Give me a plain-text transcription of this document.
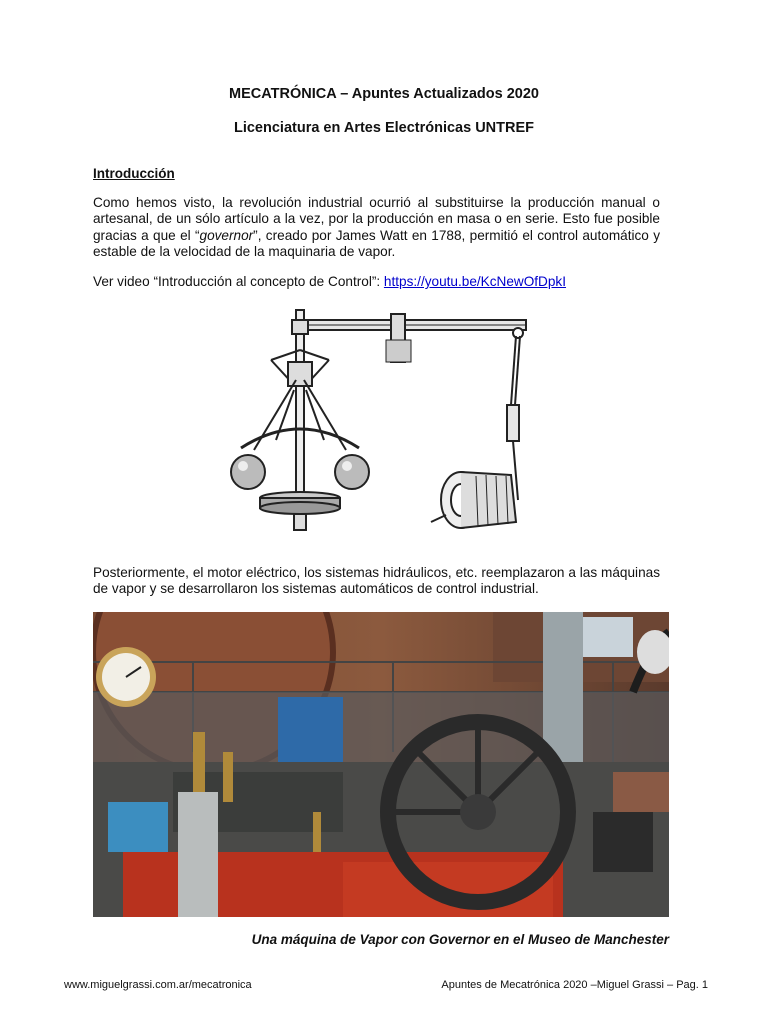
MECATRÓNICA – Apuntes Actualizados 2020
Licenciatura en Artes Electrónicas UNTREF
Introducción
Como hemos visto, la revolución industrial ocurrió al substituirse la producción manual o artesanal, de un sólo artículo a la vez, por la producción en masa o en serie. Esto fue posible gracias a que el “governor”, creado por James Watt en 1788, permitió el control automático y estable de la velocidad de la maquinaria de vapor.
Ver video “Introducción al concepto de Control”: https://youtu.be/KcNewOfDpkI
Posteriormente, el motor eléctrico, los sistemas hidráulicos, etc. reemplazaron a las máquinas de vapor y se desarrollaron los sistemas automáticos de control industrial.
Una máquina de Vapor con Governor en el Museo de Manchester
www.miguelgrassi.com.ar/mecatronica	Apuntes de Mecatrónica 2020 –Miguel Grassi – Pag. 1
